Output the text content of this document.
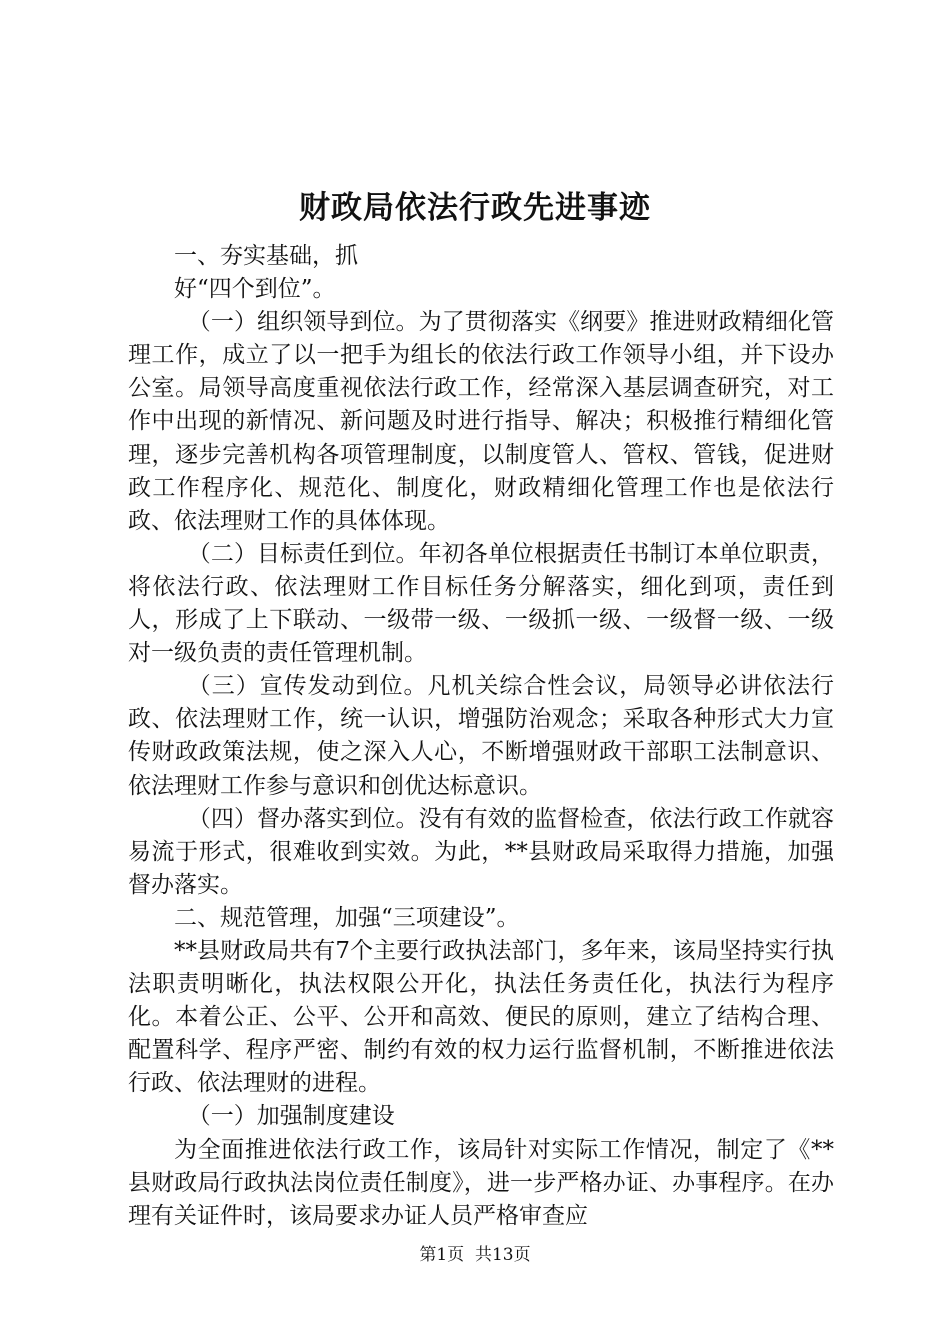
财政局依法行政先进事迹

一、夯实基础，抓

好“四个到位”。

（一）组织领导到位。为了贯彻落实《纲要》推进财政精细化管理工作，成立了以一把手为组长的依法行政工作领导小组，并下设办公室。局领导高度重视依法行政工作，经常深入基层调查研究，对工作中出现的新情况、新问题及时进行指导、解决；积极推行精细化管理，逐步完善机构各项管理制度，以制度管人、管权、管钱，促进财政工作程序化、规范化、制度化，财政精细化管理工作也是依法行政、依法理财工作的具体体现。

（二）目标责任到位。年初各单位根据责任书制订本单位职责，将依法行政、依法理财工作目标任务分解落实，细化到项，责任到人，形成了上下联动、一级带一级、一级抓一级、一级督一级、一级对一级负责的责任管理机制。

（三）宣传发动到位。凡机关综合性会议，局领导必讲依法行政、依法理财工作，统一认识，增强防治观念；采取各种形式大力宣传财政政策法规，使之深入人心，不断增强财政干部职工法制意识、依法理财工作参与意识和创优达标意识。

（四）督办落实到位。没有有效的监督检查，依法行政工作就容易流于形式，很难收到实效。为此，**县财政局采取得力措施，加强督办落实。

二、规范管理，加强“三项建设”。

**县财政局共有7个主要行政执法部门，多年来，该局坚持实行执法职责明晰化，执法权限公开化，执法任务责任化，执法行为程序化。本着公正、公平、公开和高效、便民的原则，建立了结构合理、配置科学、程序严密、制约有效的权力运行监督机制，不断推进依法行政、依法理财的进程。

（一）加强制度建设

为全面推进依法行政工作，该局针对实际工作情况，制定了《**县财政局行政执法岗位责任制度》，进一步严格办证、办事程序。在办理有关证件时，该局要求办证人员严格审查应

第1页  共13页
